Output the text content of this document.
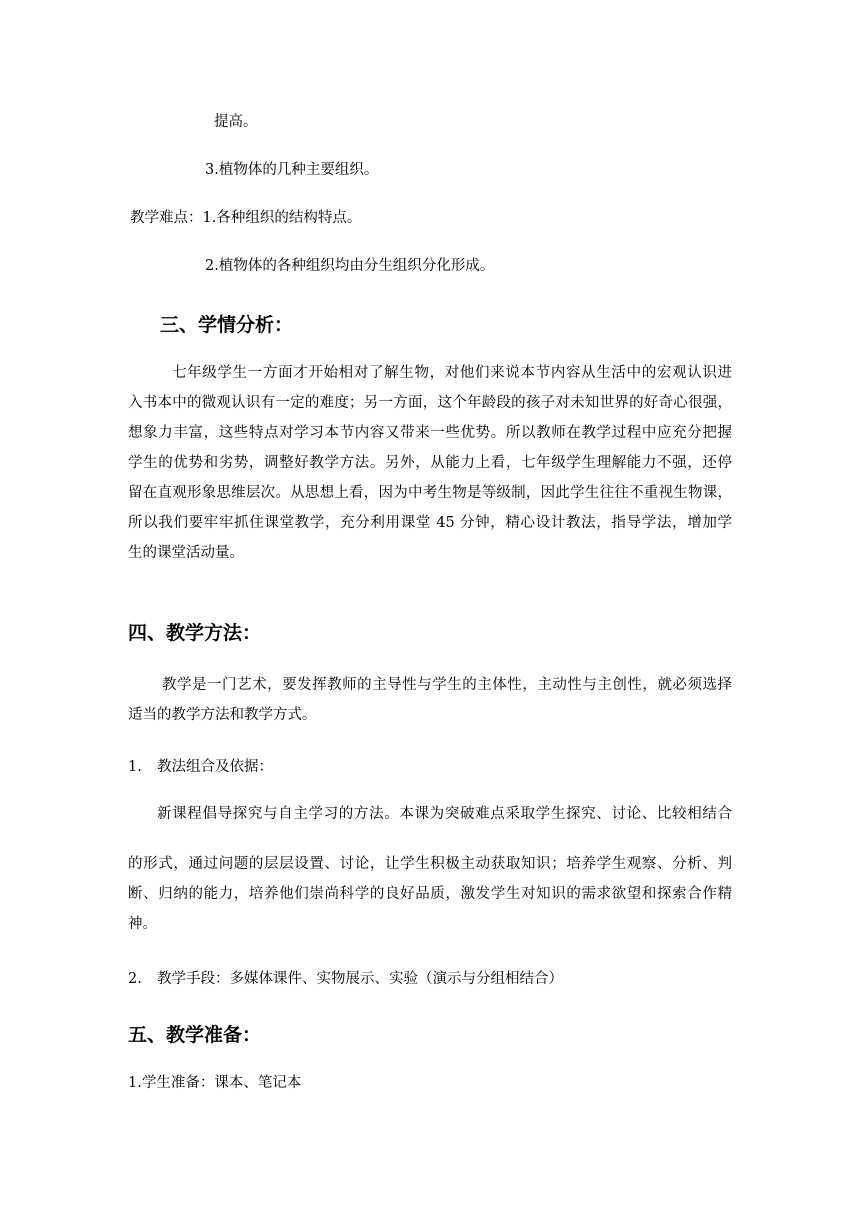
提高。
3.植物体的几种主要组织。
教学难点：1.各种组织的结构特点。
2.植物体的各种组织均由分生组织分化形成。
三、学情分析：

七年级学生一方面才开始相对了解生物，对他们来说本节内容从生活中的宏观认识进

入书本中的微观认识有一定的难度；另一方面，这个年龄段的孩子对未知世界的好奇心很强，

想象力丰富，这些特点对学习本节内容又带来一些优势。所以教师在教学过程中应充分把握

学生的优势和劣势，调整好教学方法。另外，从能力上看，七年级学生理解能力不强，还停

留在直观形象思维层次。从思想上看，因为中考生物是等级制，因此学生往往不重视生物课，

所以我们要牢牢抓住课堂教学，充分利用课堂 45 分钟，精心设计教法，指导学法，增加学

生的课堂活动量。

四、教学方法：

教学是一门艺术，要发挥教师的主导性与学生的主体性，主动性与主创性，就必须选择

适当的教学方法和教学方式。

1. 教法组合及依据：

新课程倡导探究与自主学习的方法。本课为突破难点采取学生探究、讨论、比较相结合

的形式，通过问题的层层设置、讨论，让学生积极主动获取知识；培养学生观察、分析、判

断、归纳的能力，培养他们崇尚科学的良好品质，激发学生对知识的需求欲望和探索合作精

神。

2. 教学手段：多媒体课件、实物展示、实验（演示与分组相结合）
五、教学准备：
1.学生准备：课本、笔记本
